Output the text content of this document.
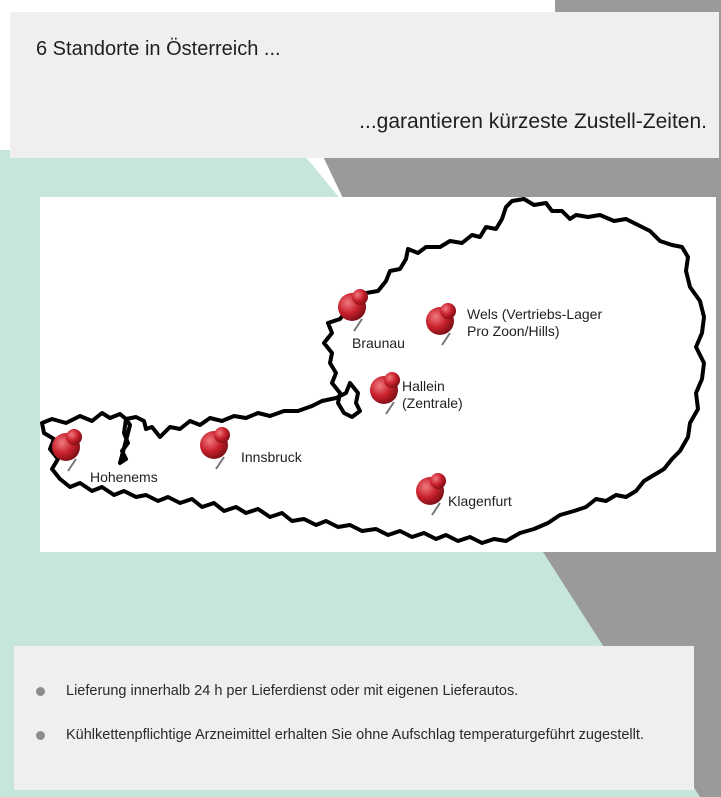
6 Standorte in Österreich ...
...garantieren kürzeste Zustell-Zeiten.
Hohenems
Innsbruck
Braunau
Wels (Vertriebs-Lager
Pro Zoon/Hills)
Hallein
(Zentrale)
Klagenfurt
Lieferung innerhalb 24 h per Lieferdienst oder mit eigenen Lieferautos.
Kühlkettenpflichtige Arzneimittel erhalten Sie ohne Aufschlag temperaturgeführt zugestellt.
